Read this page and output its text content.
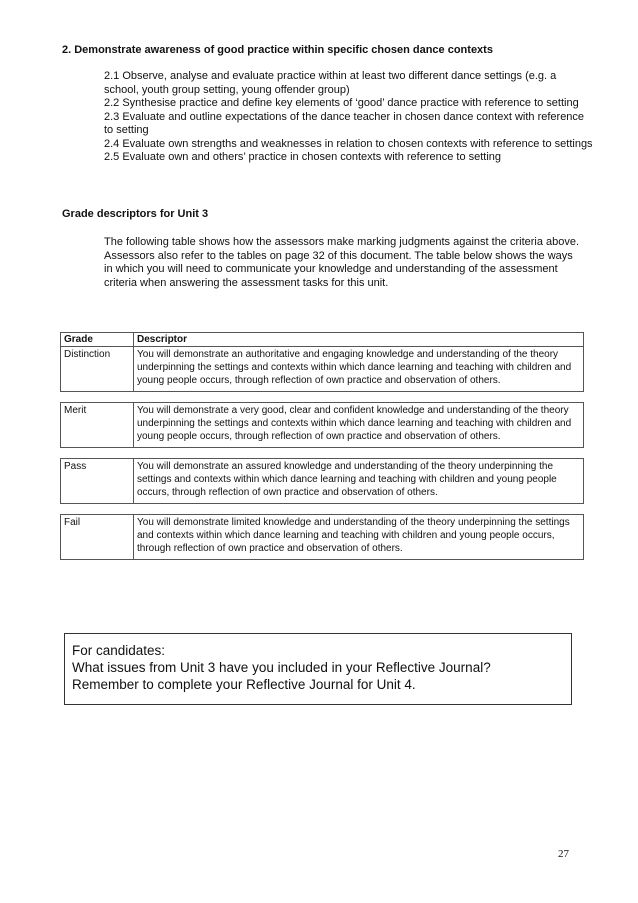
2. Demonstrate awareness of good practice within specific chosen dance contexts
2.1 Observe, analyse and evaluate practice within at least two different dance settings (e.g. a school, youth group setting, young offender group)
2.2 Synthesise practice and define key elements of ‘good’ dance practice with reference to setting
2.3 Evaluate and outline expectations of the dance teacher in chosen dance context with reference to setting
2.4 Evaluate own strengths and weaknesses in relation to chosen contexts with reference to settings
2.5 Evaluate own and others’ practice in chosen contexts with reference to setting
Grade descriptors for Unit 3
The following table shows how the assessors make marking judgments against the criteria above. Assessors also refer to the tables on page 32 of this document. The table below shows the ways in which you will need to communicate your knowledge and understanding of the assessment criteria when answering the assessment tasks for this unit.
Grade	Descriptor
Distinction	You will demonstrate an authoritative and engaging knowledge and understanding of the theory underpinning the settings and contexts within which dance learning and teaching with children and young people occurs, through reflection of own practice and observation of others.

Merit	You will demonstrate a very good, clear and confident knowledge and understanding of the theory underpinning the settings and contexts within which dance learning and teaching with children and young people occurs, through reflection of own practice and observation of others.

Pass	You will demonstrate an assured knowledge and understanding of the theory underpinning the settings and contexts within which dance learning and teaching with children and young people occurs, through reflection of own practice and observation of others.

Fail	You will demonstrate limited knowledge and understanding of the theory underpinning the settings and contexts within which dance learning and teaching with children and young people occurs, through reflection of own practice and observation of others.
For candidates:
What issues from Unit 3 have you included in your Reflective Journal?
Remember to complete your Reflective Journal for Unit 4.
27
